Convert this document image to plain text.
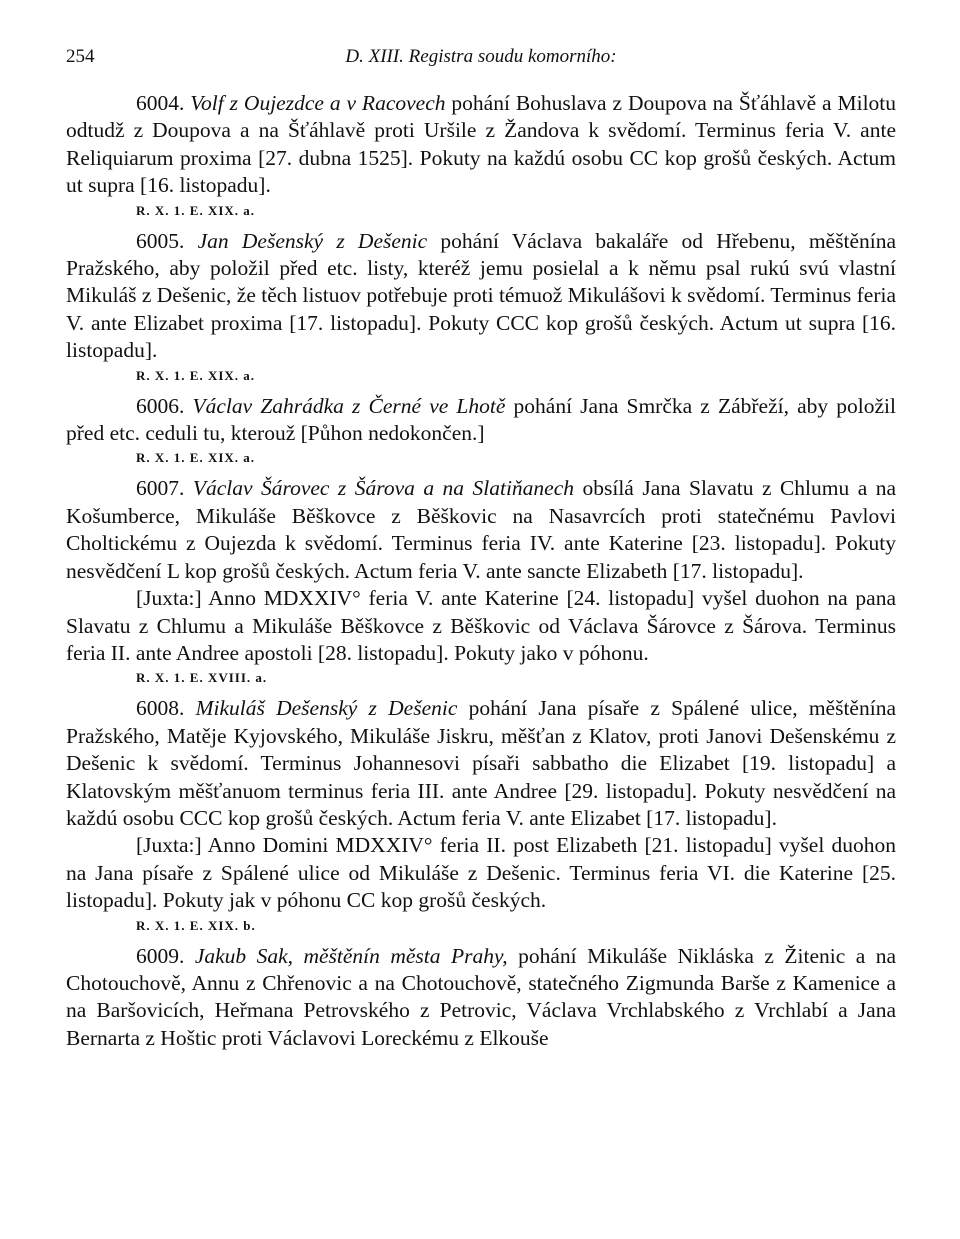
254	D. XIII. Registra soudu komorního:

6004. Volf z Oujezdce a v Racovech pohání Bohuslava z Doupova na Šťáhlavě a Milotu odtudž z Doupova a na Šťáhlavě proti Uršile z Žandova k svědomí. Terminus feria V. ante Reliquiarum proxima [27. dubna 1525]. Pokuty na každú osobu CC kop grošů českých. Actum ut supra [16. listopadu].

R. X. 1. E. XIX. a.

6005. Jan Dešenský z Dešenic pohání Václava bakaláře od Hřebenu, měštěnína Pražského, aby položil před etc. listy, kteréž jemu posielal a k němu psal rukú svú vlastní Mikuláš z Dešenic, že těch listuov potřebuje proti témuož Mikulášovi k svědomí. Terminus feria V. ante Elizabet proxima [17. listopadu]. Pokuty CCC kop grošů českých. Actum ut supra [16. listopadu].

R. X. 1. E. XIX. a.

6006. Václav Zahrádka z Černé ve Lhotě pohání Jana Smrčka z Zábřeží, aby položil před etc. ceduli tu, kterouž [Půhon nedokončen.]

R. X. 1. E. XIX. a.

6007. Václav Šárovec z Šárova a na Slatiňanech obsílá Jana Slavatu z Chlumu a na Košumberce, Mikuláše Běškovce z Běškovic na Nasavrcích proti statečnému Pavlovi Choltickému z Oujezda k svědomí. Terminus feria IV. ante Katerine [23. listopadu]. Pokuty nesvědčení L kop grošů českých. Actum feria V. ante sancte Elizabeth [17. listopadu].

[Juxta:] Anno MDXXIV° feria V. ante Katerine [24. listopadu] vyšel duohon na pana Slavatu z Chlumu a Mikuláše Běškovce z Běškovic od Václava Šárovce z Šárova. Terminus feria II. ante Andree apostoli [28. listopadu]. Pokuty jako v póhonu.

R. X. 1. E. XVIII. a.

6008. Mikuláš Dešenský z Dešenic pohání Jana písaře z Spálené ulice, měštěnína Pražského, Matěje Kyjovského, Mikuláše Jiskru, měšťan z Klatov, proti Janovi Dešenskému z Dešenic k svědomí. Terminus Johannesovi písaři sabbatho die Elizabet [19. listopadu] a Klatovským měšťanuom terminus feria III. ante Andree [29. listopadu]. Pokuty nesvědčení na každú osobu CCC kop grošů českých. Actum feria V. ante Elizabet [17. listopadu].

[Juxta:] Anno Domini MDXXIV° feria II. post Elizabeth [21. listopadu] vyšel duohon na Jana písaře z Spálené ulice od Mikuláše z Dešenic. Terminus feria VI. die Katerine [25. listopadu]. Pokuty jak v póhonu CC kop grošů českých.

R. X. 1. E. XIX. b.

6009. Jakub Sak, měštěnín města Prahy, pohání Mikuláše Nikláska z Žitenic a na Chotouchově, Annu z Chřenovic a na Chotouchově, statečného Zigmunda Barše z Kamenice a na Baršovicích, Heřmana Petrovského z Petrovic, Václava Vrchlabského z Vrchlabí a Jana Bernarta z Hoštic proti Václavovi Loreckému z Elkouše
